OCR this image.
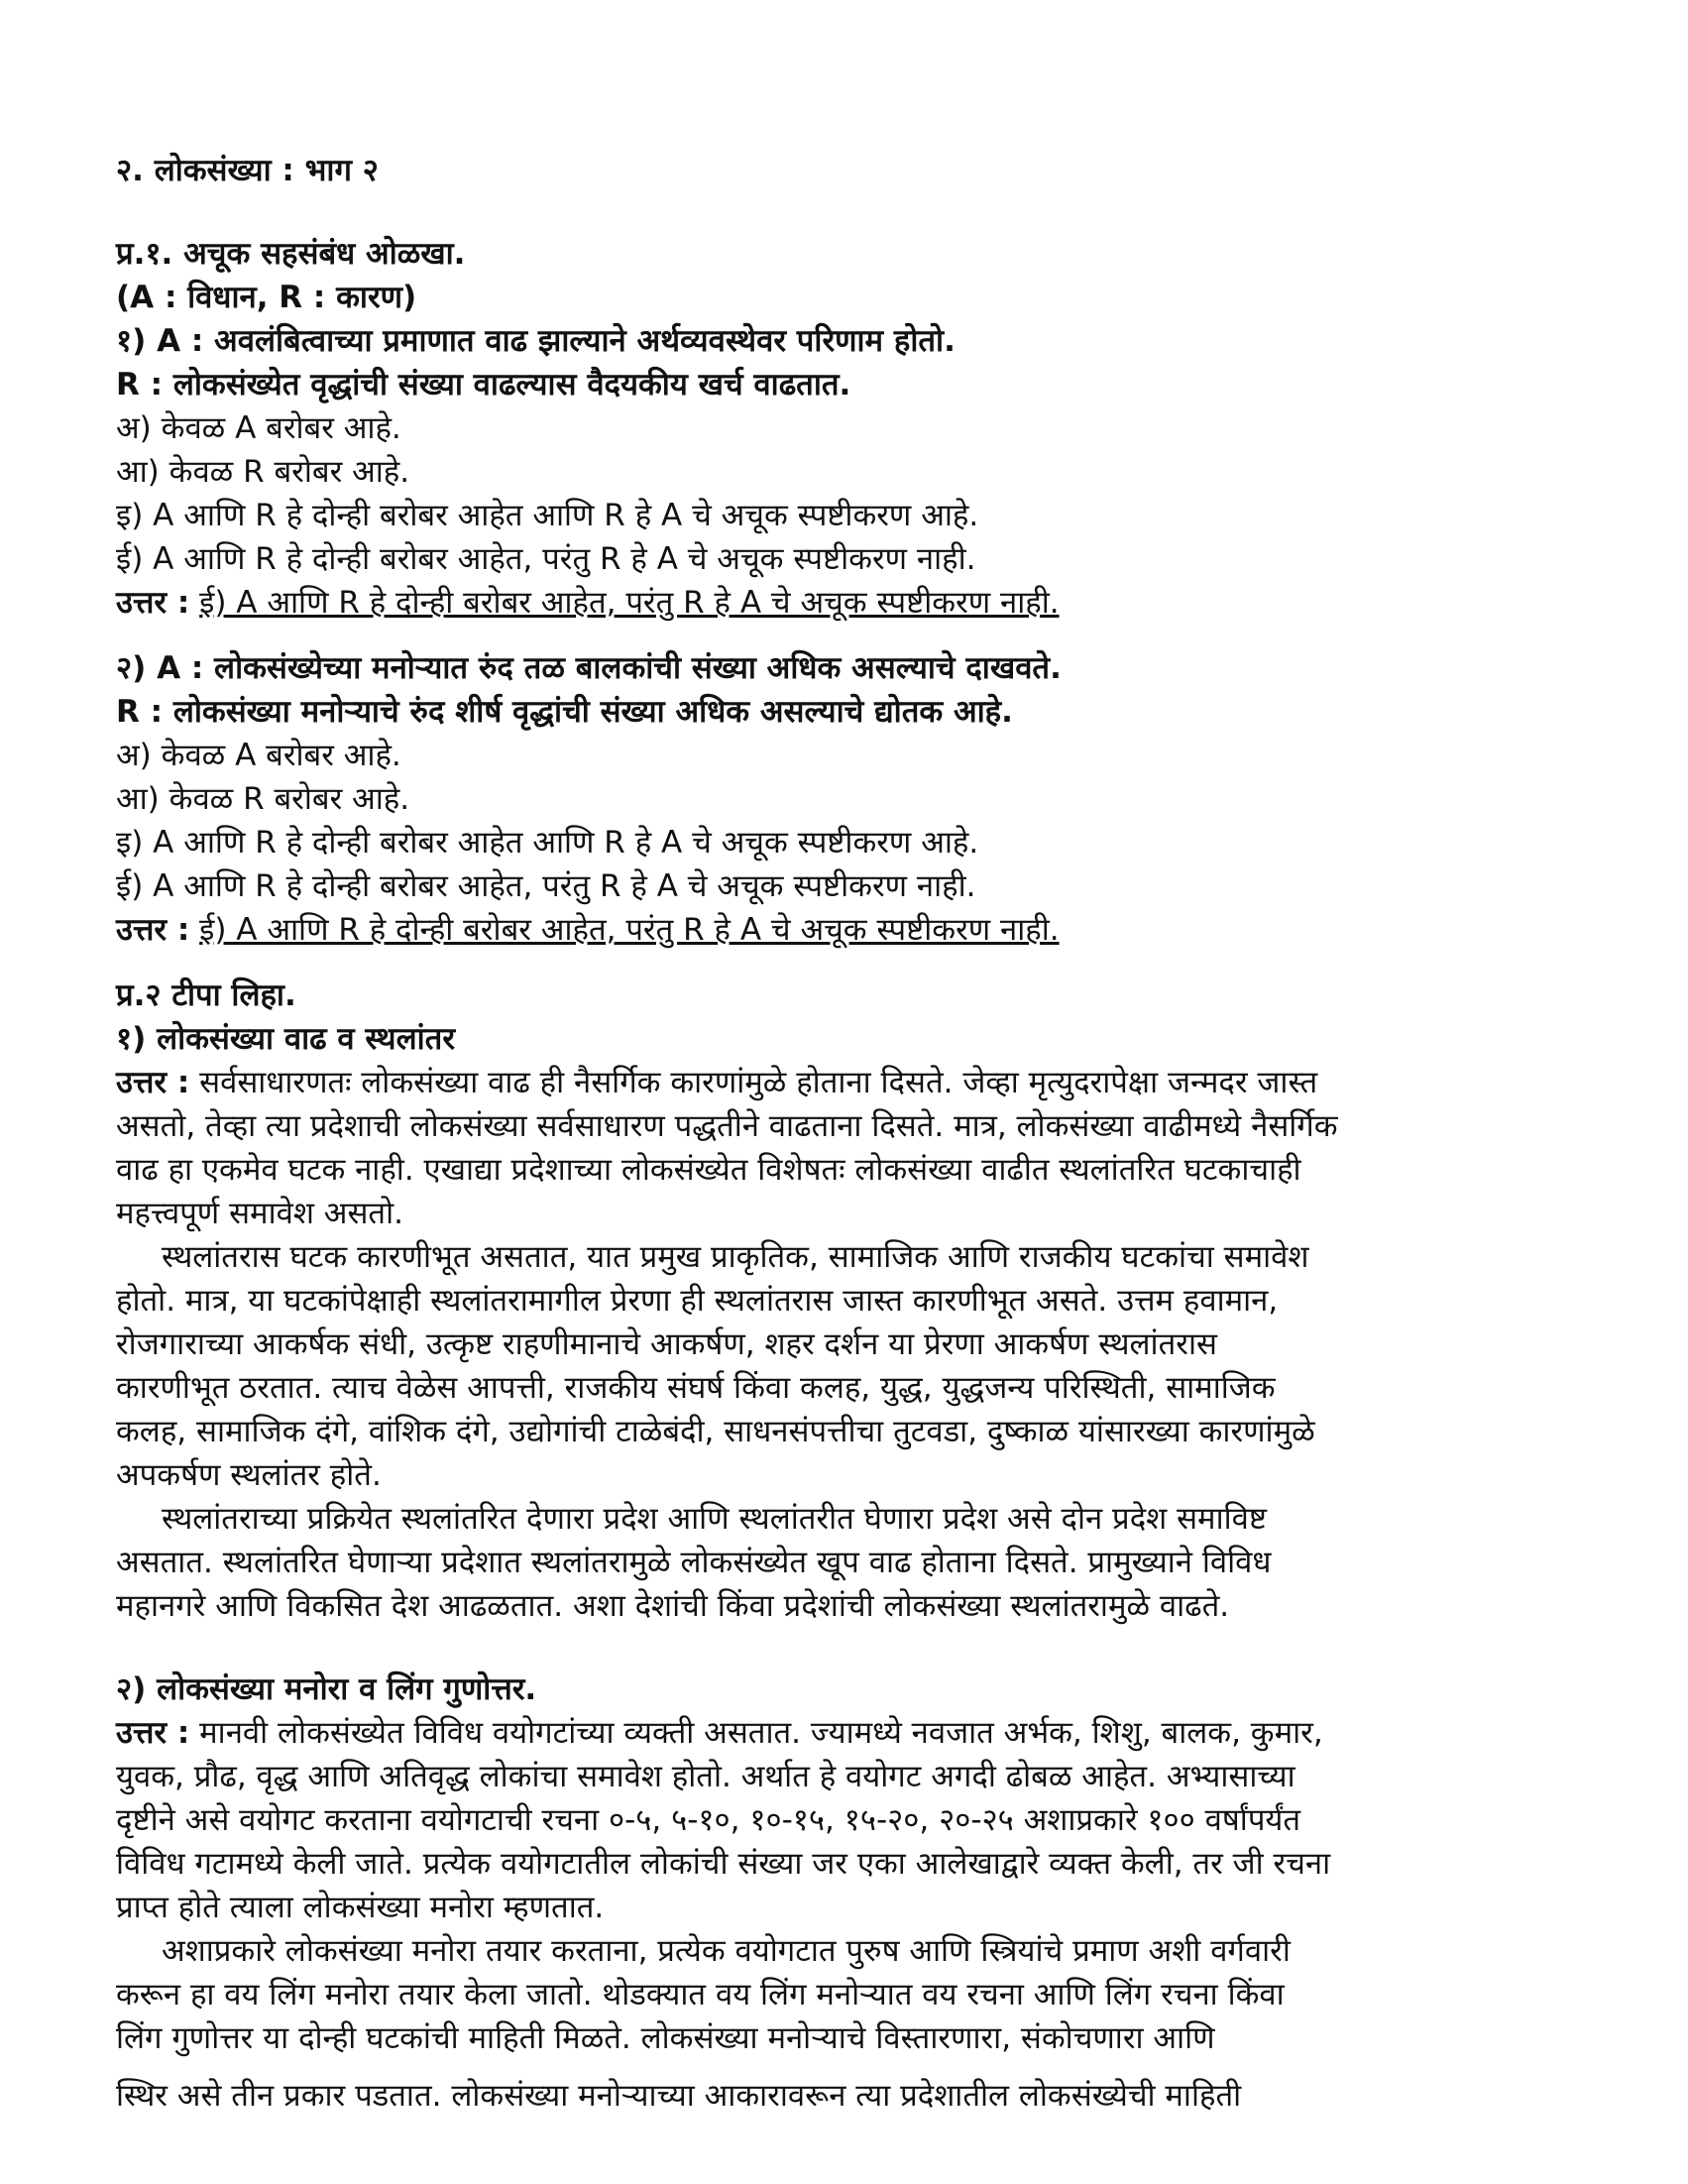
२. लोकसंख्या : भाग २
प्र.१. अचूक सहसंबंध ओळखा.
(A : विधान, R : कारण)
१) A : अवलंबित्वाच्या प्रमाणात वाढ झाल्याने अर्थव्यवस्थेवर परिणाम होतो.
R : लोकसंख्येत वृद्धांची संख्या वाढल्यास वैदयकीय खर्च वाढतात.
अ) केवळ A बरोबर आहे.
आ) केवळ R बरोबर आहे.
इ) A आणि R हे दोन्ही बरोबर आहेत आणि R हे A चे अचूक स्पष्टीकरण आहे.
ई) A आणि R हे दोन्ही बरोबर आहेत, परंतु R हे A चे अचूक स्पष्टीकरण नाही.
उत्तर : ई) A आणि R हे दोन्ही बरोबर आहेत, परंतु R हे A चे अचूक स्पष्टीकरण नाही.
२) A : लोकसंख्येच्या मनोऱ्यात रुंद तळ बालकांची संख्या अधिक असल्याचे दाखवते.
R : लोकसंख्या मनोऱ्याचे रुंद शीर्ष वृद्धांची संख्या अधिक असल्याचे द्योतक आहे.
अ) केवळ A बरोबर आहे.
आ) केवळ R बरोबर आहे.
इ) A आणि R हे दोन्ही बरोबर आहेत आणि R हे A चे अचूक स्पष्टीकरण आहे.
ई) A आणि R हे दोन्ही बरोबर आहेत, परंतु R हे A चे अचूक स्पष्टीकरण नाही.
उत्तर : ई) A आणि R हे दोन्ही बरोबर आहेत, परंतु R हे A चे अचूक स्पष्टीकरण नाही.
प्र.२ टीपा लिहा.
१) लोकसंख्या वाढ व स्थलांतर
उत्तर : सर्वसाधारणतः लोकसंख्या वाढ ही नैसर्गिक कारणांमुळे होताना दिसते. जेव्हा मृत्युदरापेक्षा जन्मदर जास्त
असतो, तेव्हा त्या प्रदेशाची लोकसंख्या सर्वसाधारण पद्धतीने वाढताना दिसते. मात्र, लोकसंख्या वाढीमध्ये नैसर्गिक
वाढ हा एकमेव घटक नाही. एखाद्या प्रदेशाच्या लोकसंख्येत विशेषतः लोकसंख्या वाढीत स्थलांतरित घटकाचाही
महत्त्वपूर्ण समावेश असतो.
स्थलांतरास घटक कारणीभूत असतात, यात प्रमुख प्राकृतिक, सामाजिक आणि राजकीय घटकांचा समावेश
होतो. मात्र, या घटकांपेक्षाही स्थलांतरामागील प्रेरणा ही स्थलांतरास जास्त कारणीभूत असते. उत्तम हवामान,
रोजगाराच्या आकर्षक संधी, उत्कृष्ट राहणीमानाचे आकर्षण, शहर दर्शन या प्रेरणा आकर्षण स्थलांतरास
कारणीभूत ठरतात. त्याच वेळेस आपत्ती, राजकीय संघर्ष किंवा कलह, युद्ध, युद्धजन्य परिस्थिती, सामाजिक
कलह, सामाजिक दंगे, वांशिक दंगे, उद्योगांची टाळेबंदी, साधनसंपत्तीचा तुटवडा, दुष्काळ यांसारख्या कारणांमुळे
अपकर्षण स्थलांतर होते.
स्थलांतराच्या प्रक्रियेत स्थलांतरित देणारा प्रदेश आणि स्थलांतरीत घेणारा प्रदेश असे दोन प्रदेश समाविष्ट
असतात. स्थलांतरित घेणाऱ्या प्रदेशात स्थलांतरामुळे लोकसंख्येत खूप वाढ होताना दिसते. प्रामुख्याने विविध
महानगरे आणि विकसित देश आढळतात. अशा देशांची किंवा प्रदेशांची लोकसंख्या स्थलांतरामुळे वाढते.
२) लोकसंख्या मनोरा व लिंग गुणोत्तर.
उत्तर : मानवी लोकसंख्येत विविध वयोगटांच्या व्यक्ती असतात. ज्यामध्ये नवजात अर्भक, शिशु, बालक, कुमार,
युवक, प्रौढ, वृद्ध आणि अतिवृद्ध लोकांचा समावेश होतो. अर्थात हे वयोगट अगदी ढोबळ आहेत. अभ्यासाच्या
दृष्टीने असे वयोगट करताना वयोगटाची रचना ०-५, ५-१०, १०-१५, १५-२०, २०-२५ अशाप्रकारे १०० वर्षांपर्यंत
विविध गटामध्ये केली जाते. प्रत्येक वयोगटातील लोकांची संख्या जर एका आलेखाद्वारे व्यक्त केली, तर जी रचना
प्राप्त होते त्याला लोकसंख्या मनोरा म्हणतात.
अशाप्रकारे लोकसंख्या मनोरा तयार करताना, प्रत्येक वयोगटात पुरुष आणि स्त्रियांचे प्रमाण अशी वर्गवारी
करून हा वय लिंग मनोरा तयार केला जातो. थोडक्यात वय लिंग मनोऱ्यात वय रचना आणि लिंग रचना किंवा
लिंग गुणोत्तर या दोन्ही घटकांची माहिती मिळते. लोकसंख्या मनोऱ्याचे विस्तारणारा, संकोचणारा आणि
स्थिर असे तीन प्रकार पडतात. लोकसंख्या मनोऱ्याच्या आकारावरून त्या प्रदेशातील लोकसंख्येची माहिती
